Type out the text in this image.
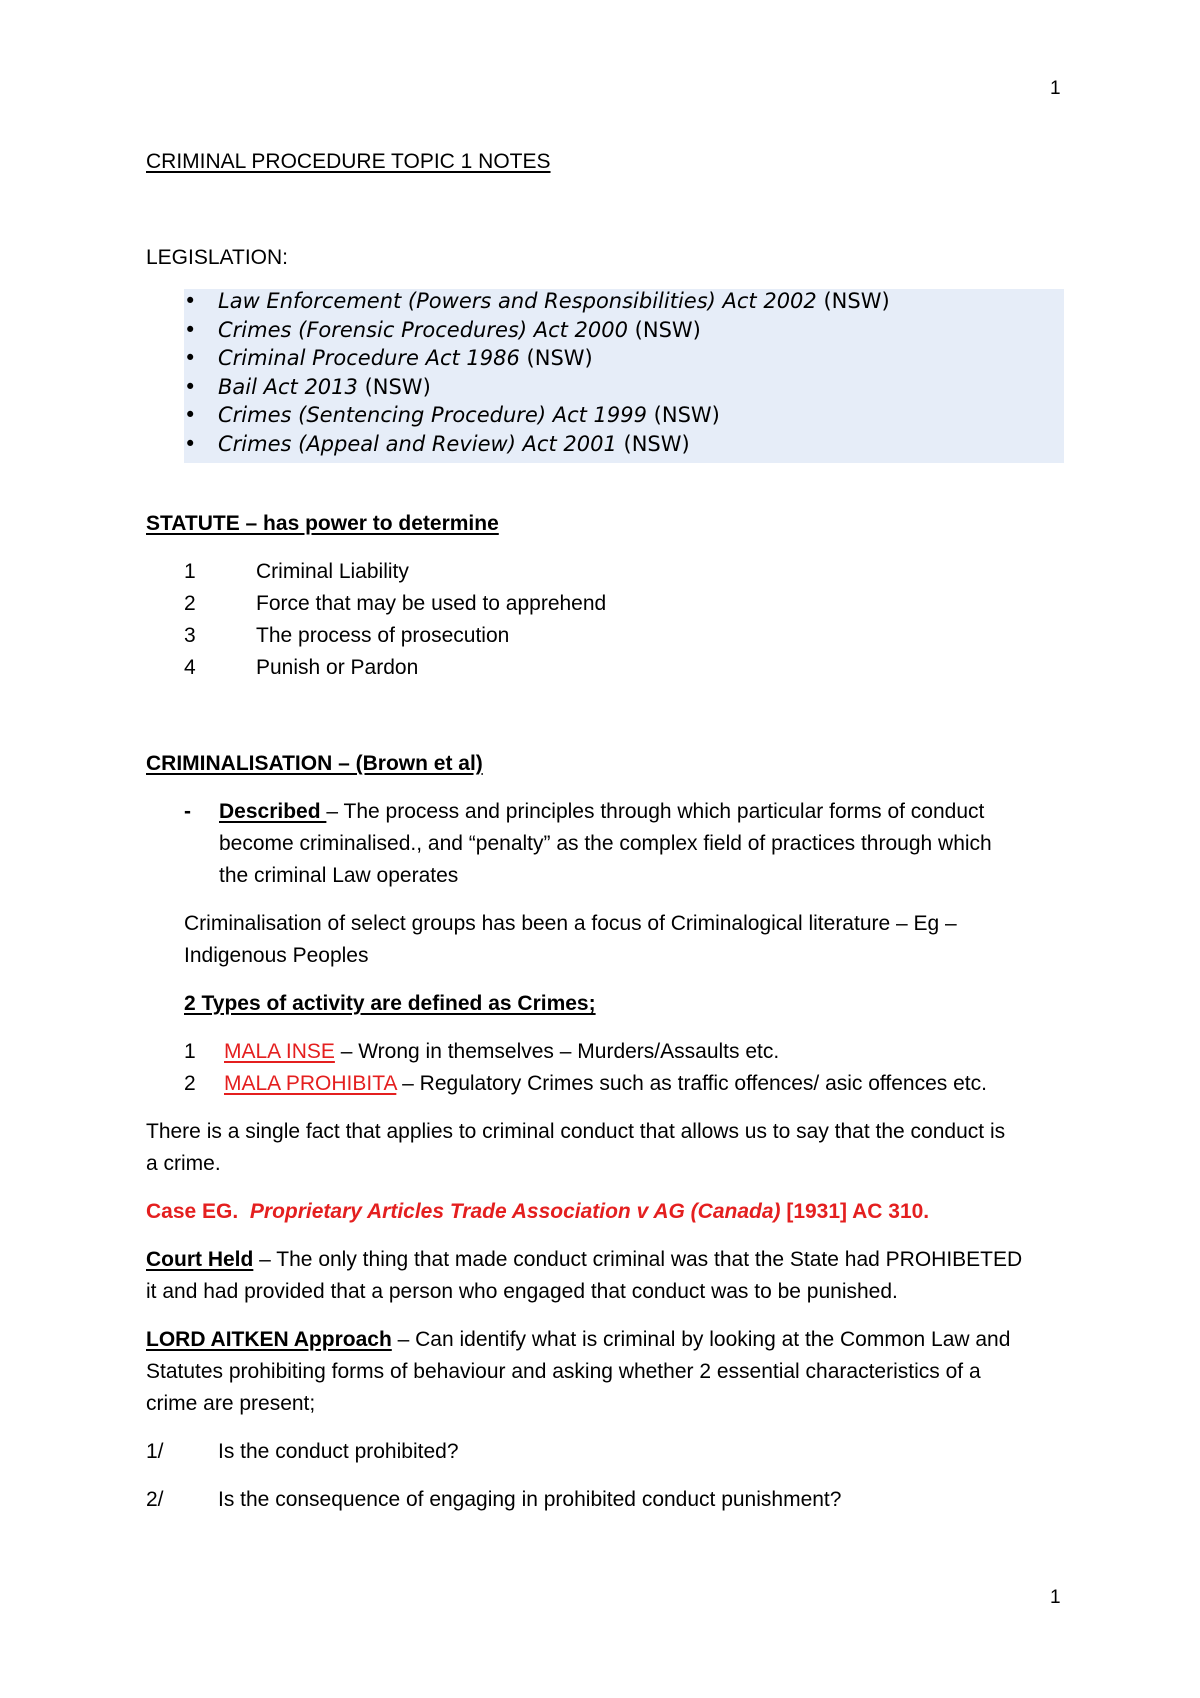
1
1
CRIMINAL PROCEDURE TOPIC 1 NOTES
LEGISLATION:
• Law Enforcement (Powers and Responsibilities) Act 2002 (NSW)
• Crimes (Forensic Procedures) Act 2000 (NSW)
• Criminal Procedure Act 1986 (NSW)
• Bail Act 2013 (NSW)
• Crimes (Sentencing Procedure) Act 1999 (NSW)
• Crimes (Appeal and Review) Act 2001 (NSW)
STATUTE – has power to determine
1	Criminal Liability
2	Force that may be used to apprehend
3	The process of prosecution
4	Punish or Pardon
CRIMINALISATION – (Brown et al)
- Described – The process and principles through which particular forms of conduct
become criminalised., and “penalty” as the complex field of practices through which
the criminal Law operates
Criminalisation of select groups has been a focus of Criminalogical literature – Eg –
Indigenous Peoples
2 Types of activity are defined as Crimes;
1 MALA INSE – Wrong in themselves – Murders/Assaults etc.
2 MALA PROHIBITA – Regulatory Crimes such as traffic offences/ asic offences etc.
There is a single fact that applies to criminal conduct that allows us to say that the conduct is
a crime.
Case EG. Proprietary Articles Trade Association v AG (Canada) [1931] AC 310.
Court Held – The only thing that made conduct criminal was that the State had PROHIBETED
it and had provided that a person who engaged that conduct was to be punished.
LORD AITKEN Approach – Can identify what is criminal by looking at the Common Law and
Statutes prohibiting forms of behaviour and asking whether 2 essential characteristics of a
crime are present;
1/	Is the conduct prohibited?
2/	Is the consequence of engaging in prohibited conduct punishment?
